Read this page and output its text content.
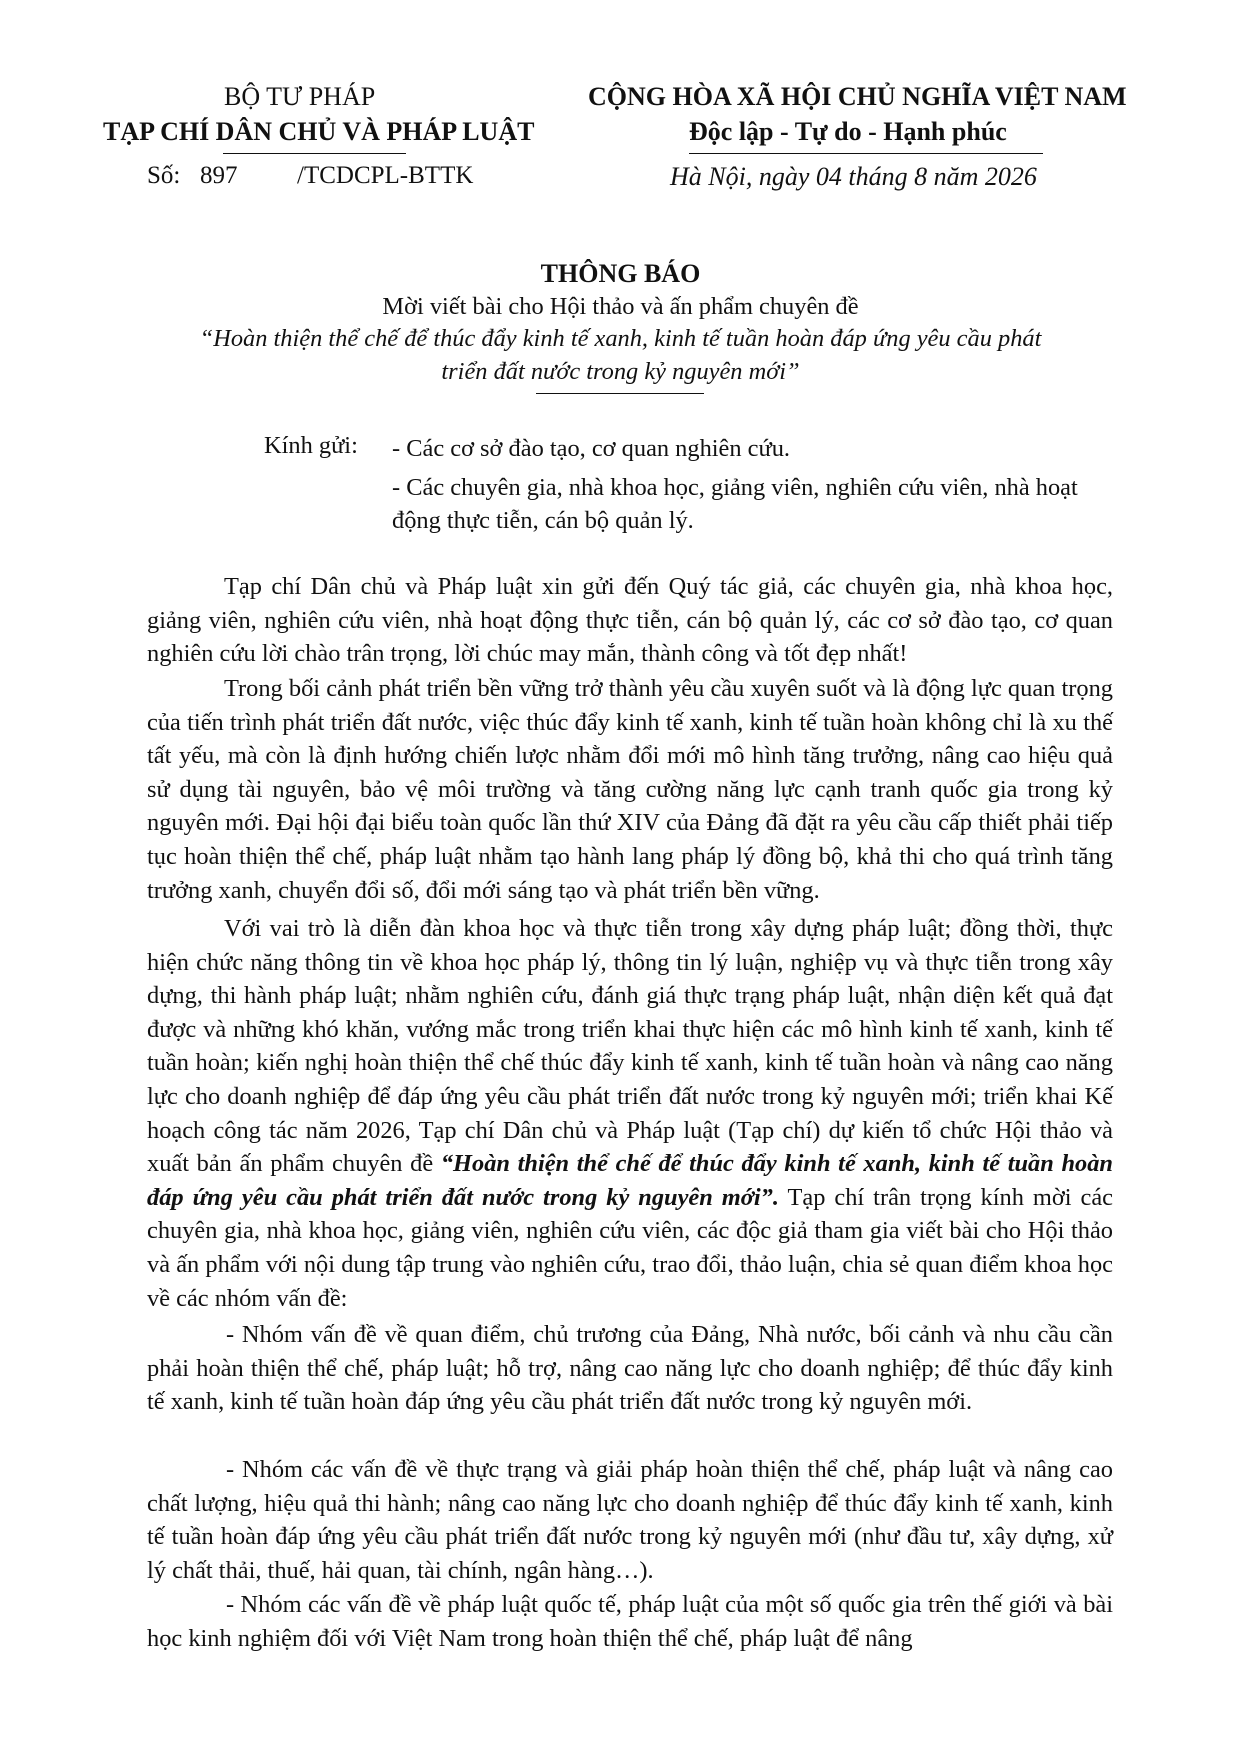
BỘ TƯ PHÁP
TẠP CHÍ DÂN CHỦ VÀ PHÁP LUẬT
Số: 897 /TCDCPL-BTTK
CỘNG HÒA XÃ HỘI CHỦ NGHĨA VIỆT NAM
Độc lập - Tự do - Hạnh phúc
Hà Nội, ngày 04 tháng 8 năm 2026
THÔNG BÁO
Mời viết bài cho Hội thảo và ấn phẩm chuyên đề
“Hoàn thiện thể chế để thúc đẩy kinh tế xanh, kinh tế tuần hoàn đáp ứng yêu cầu phát
triển đất nước trong kỷ nguyên mới”
Kính gửi: - Các cơ sở đào tạo, cơ quan nghiên cứu.
- Các chuyên gia, nhà khoa học, giảng viên, nghiên cứu viên, nhà hoạt động thực tiễn, cán bộ quản lý.
Tạp chí Dân chủ và Pháp luật xin gửi đến Quý tác giả, các chuyên gia, nhà khoa học, giảng viên, nghiên cứu viên, nhà hoạt động thực tiễn, cán bộ quản lý, các cơ sở đào tạo, cơ quan nghiên cứu lời chào trân trọng, lời chúc may mắn, thành công và tốt đẹp nhất!
Trong bối cảnh phát triển bền vững trở thành yêu cầu xuyên suốt và là động lực quan trọng của tiến trình phát triển đất nước, việc thúc đẩy kinh tế xanh, kinh tế tuần hoàn không chỉ là xu thế tất yếu, mà còn là định hướng chiến lược nhằm đổi mới mô hình tăng trưởng, nâng cao hiệu quả sử dụng tài nguyên, bảo vệ môi trường và tăng cường năng lực cạnh tranh quốc gia trong kỷ nguyên mới. Đại hội đại biểu toàn quốc lần thứ XIV của Đảng đã đặt ra yêu cầu cấp thiết phải tiếp tục hoàn thiện thể chế, pháp luật nhằm tạo hành lang pháp lý đồng bộ, khả thi cho quá trình tăng trưởng xanh, chuyển đổi số, đổi mới sáng tạo và phát triển bền vững.
Với vai trò là diễn đàn khoa học và thực tiễn trong xây dựng pháp luật; đồng thời, thực hiện chức năng thông tin về khoa học pháp lý, thông tin lý luận, nghiệp vụ và thực tiễn trong xây dựng, thi hành pháp luật; nhằm nghiên cứu, đánh giá thực trạng pháp luật, nhận diện kết quả đạt được và những khó khăn, vướng mắc trong triển khai thực hiện các mô hình kinh tế xanh, kinh tế tuần hoàn; kiến nghị hoàn thiện thể chế thúc đẩy kinh tế xanh, kinh tế tuần hoàn và nâng cao năng lực cho doanh nghiệp để đáp ứng yêu cầu phát triển đất nước trong kỷ nguyên mới; triển khai Kế hoạch công tác năm 2026, Tạp chí Dân chủ và Pháp luật (Tạp chí) dự kiến tổ chức Hội thảo và xuất bản ấn phẩm chuyên đề “Hoàn thiện thể chế để thúc đẩy kinh tế xanh, kinh tế tuần hoàn đáp ứng yêu cầu phát triển đất nước trong kỷ nguyên mới”. Tạp chí trân trọng kính mời các chuyên gia, nhà khoa học, giảng viên, nghiên cứu viên, các độc giả tham gia viết bài cho Hội thảo và ấn phẩm với nội dung tập trung vào nghiên cứu, trao đổi, thảo luận, chia sẻ quan điểm khoa học về các nhóm vấn đề:
- Nhóm vấn đề về quan điểm, chủ trương của Đảng, Nhà nước, bối cảnh và nhu cầu cần phải hoàn thiện thể chế, pháp luật; hỗ trợ, nâng cao năng lực cho doanh nghiệp; để thúc đẩy kinh tế xanh, kinh tế tuần hoàn đáp ứng yêu cầu phát triển đất nước trong kỷ nguyên mới.
- Nhóm các vấn đề về thực trạng và giải pháp hoàn thiện thể chế, pháp luật và nâng cao chất lượng, hiệu quả thi hành; nâng cao năng lực cho doanh nghiệp để thúc đẩy kinh tế xanh, kinh tế tuần hoàn đáp ứng yêu cầu phát triển đất nước trong kỷ nguyên mới (như đầu tư, xây dựng, xử lý chất thải, thuế, hải quan, tài chính, ngân hàng…).
- Nhóm các vấn đề về pháp luật quốc tế, pháp luật của một số quốc gia trên thế giới và bài học kinh nghiệm đối với Việt Nam trong hoàn thiện thể chế, pháp luật để nâng
